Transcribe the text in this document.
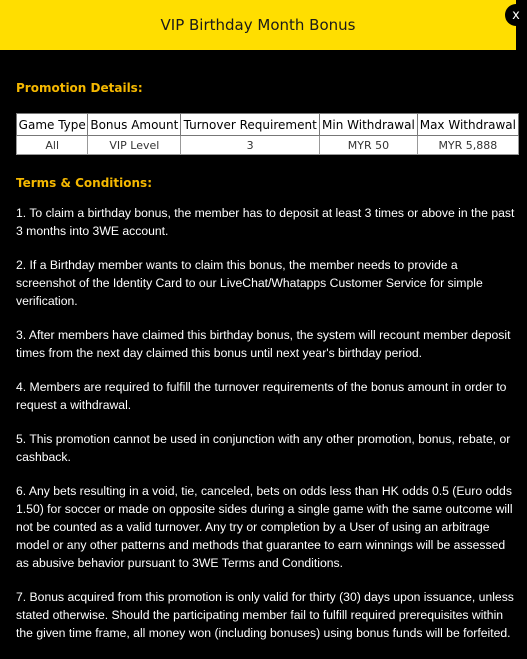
VIP Birthday Month Bonus
x
Promotion Details:
Game Type	Bonus Amount	Turnover Requirement	Min Withdrawal	Max Withdrawal
All	VIP Level	3	MYR 50	MYR 5,888
Terms & Conditions:

1. To claim a birthday bonus, the member has to deposit at least 3 times or above in the past 3 months into 3WE account.

2. If a Birthday member wants to claim this bonus, the member needs to provide a screenshot of the Identity Card to our LiveChat/Whatapps Customer Service for simple verification.

3. After members have claimed this birthday bonus, the system will recount member deposit times from the next day claimed this bonus until next year's birthday period.

4. Members are required to fulfill the turnover requirements of the bonus amount in order to request a withdrawal.

5. This promotion cannot be used in conjunction with any other promotion, bonus, rebate, or cashback.

6. Any bets resulting in a void, tie, canceled, bets on odds less than HK odds 0.5 (Euro odds 1.50) for soccer or made on opposite sides during a single game with the same outcome will not be counted as a valid turnover. Any try or completion by a User of using an arbitrage model or any other patterns and methods that guarantee to earn winnings will be assessed as abusive behavior pursuant to 3WE Terms and Conditions.

7. Bonus acquired from this promotion is only valid for thirty (30) days upon issuance, unless stated otherwise. Should the participating member fail to fulfill required prerequisites within the given time frame, all money won (including bonuses) using bonus funds will be forfeited.
